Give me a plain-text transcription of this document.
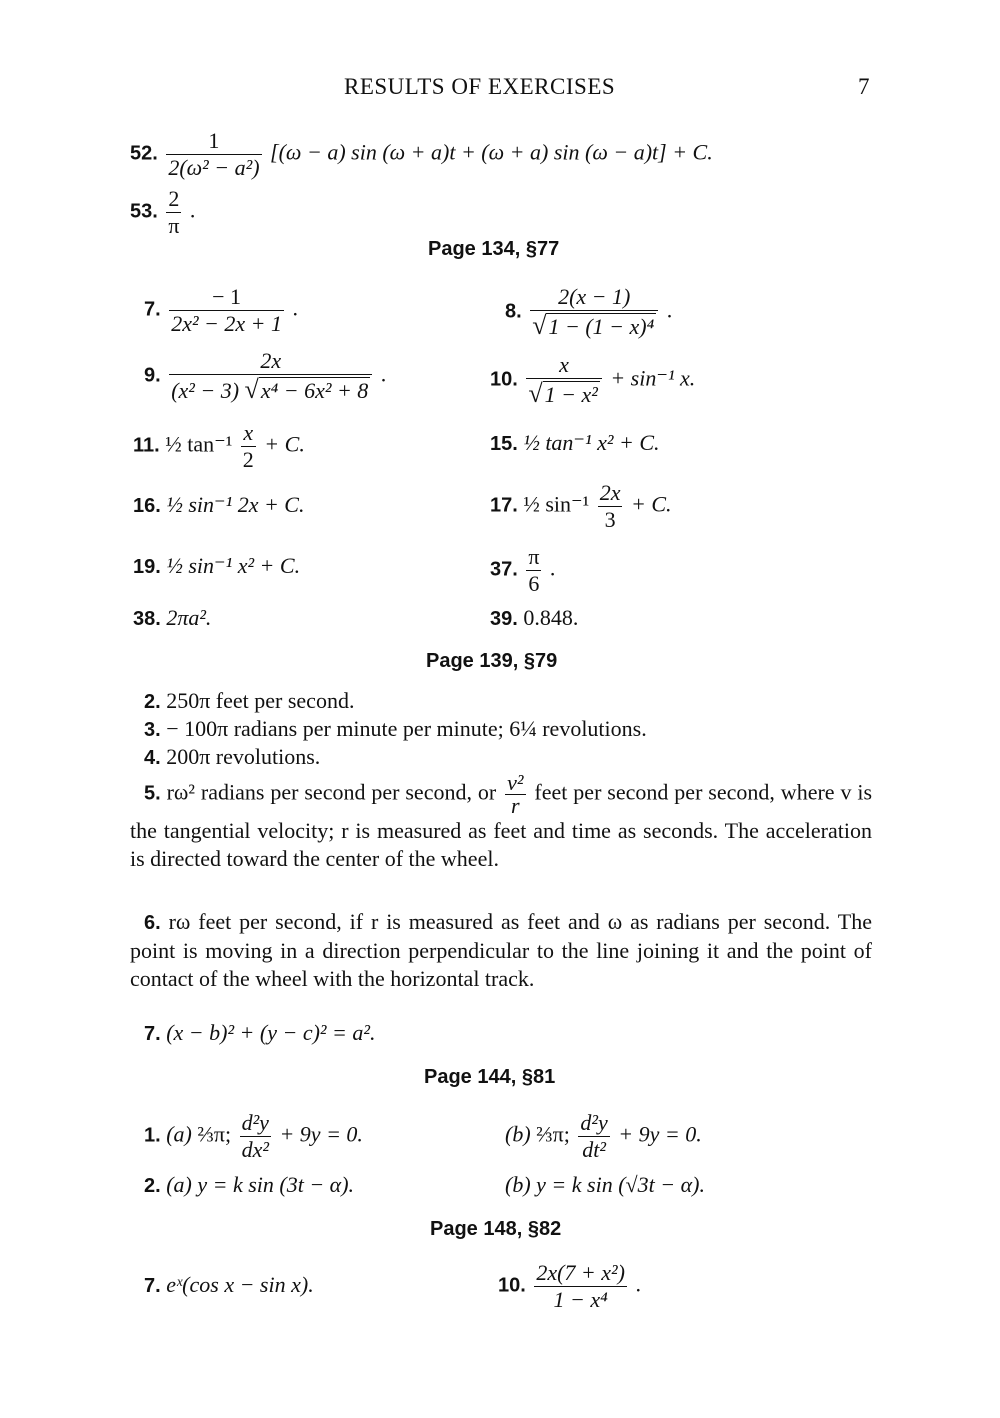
RESULTS OF EXERCISES	7
52. $\frac{1}{\text{2(ω² − a²)}} [(\omega - a)$ sin (ω + a)t + (ω + a) sin (ω − a)t] + C.
53. $\frac{2}{\pi}$ .
Page 134, §77
7. $\frac{- 1}{\text{2x² − 2x + 1}}$ .	8. $\frac{2(x - 1)}{\text{√1 − (1 − x)⁴}}$ .
9. $\frac{2x}{\text{(x² − 3) √x⁴ − 6x² + 8}}$ .	10. $\frac{x}{\text{√1 − x²}} + \sin^{-1}$ x.
11. ½ $\tan^{-1} \frac{x}{2} + C$.	15. ½ tan⁻¹ x² + C.
16. ½ sin⁻¹ 2x + C.	17. ½ $\sin^{-1} \frac{2x}{3} + C$.
19. ½ sin⁻¹ x² + C.	37. $\frac{\pi}{6}$ .
38. 2πa².	39. 0.848.
Page 139, §79
2. 250π feet per second.
3. − 100π radians per minute per minute; 6¼ revolutions.
4. 200π revolutions.
5. rω² radians per second per second, or $\frac{\text{v²}}{r}$ feet per second per second, where v is the tangential velocity; r is measured as feet and time as seconds. The acceleration is directed toward the center of the wheel.
6. rω feet per second, if r is measured as feet and ω as radians per second. The point is moving in a direction perpendicular to the line joining it and the point of contact of the wheel with the horizontal track.
7. (x − b)² + (y − c)² = a².
Page 144, §81
1. (a) ⅔π; $\frac{\text{d²y}}{\text{dx²}} + 9y = 0$.	(b) ⅔π; $\frac{\text{d²y}}{\text{dt²}} + 9y = 0$.
2. (a) y = k sin (3t − α).	(b) y = k sin (√3t − α).
Page 148, §82
7. eˣ(cos x − sin x).	10. $\frac{\text{2x(7 + x²)}}{\text{1 − x⁴}}$ .
